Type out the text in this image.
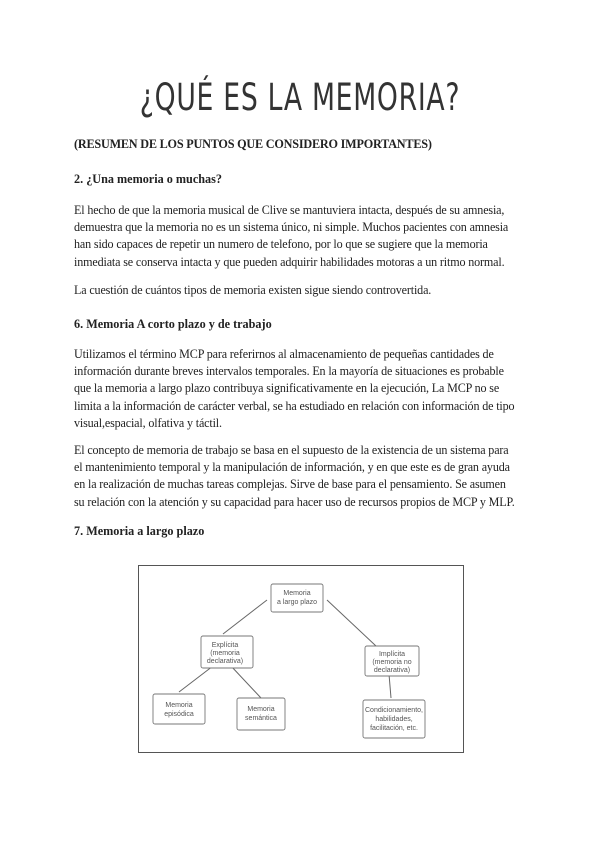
¿QUÉ ES LA MEMORIA?
(RESUMEN DE LOS PUNTOS QUE CONSIDERO IMPORTANTES)
2. ¿Una memoria o muchas?
El hecho de que la memoria musical de Clive se mantuviera intacta, después de su amnesia,
demuestra que la memoria no es un sistema único, ni simple. Muchos pacientes con amnesia
han sido capaces de repetir un numero de telefono, por lo que se sugiere que la memoria
inmediata se conserva intacta y que pueden adquirir habilidades motoras a un ritmo normal.
La cuestión de cuántos tipos de memoria existen sigue siendo controvertida.
6. Memoria A corto plazo y de trabajo
Utilizamos el término MCP para referirnos al almacenamiento de pequeñas cantidades de
información durante breves intervalos temporales. En la mayoría de situaciones es probable
que la memoria a largo plazo contribuya significativamente en la ejecución, La MCP no se
limita a la información de carácter verbal, se ha estudiado en relación con información de tipo
visual,espacial, olfativa y táctil.
El concepto de memoria de trabajo se basa en el supuesto de la existencia de un sistema para
el mantenimiento temporal y la manipulación de información, y en que este es de gran ayuda
en la realización de muchas tareas complejas. Sirve de base para el pensamiento. Se asumen
su relación con la atención y su capacidad para hacer uso de recursos propios de MCP y MLP.
7. Memoria a largo plazo
Memoria
a largo plazo
Explícita
(memoria
declarativa)
Implícita
(memoria no
declarativa)
Memoria
episódica
Memoria
semántica
Condicionamiento,
habilidades,
facilitación, etc.
